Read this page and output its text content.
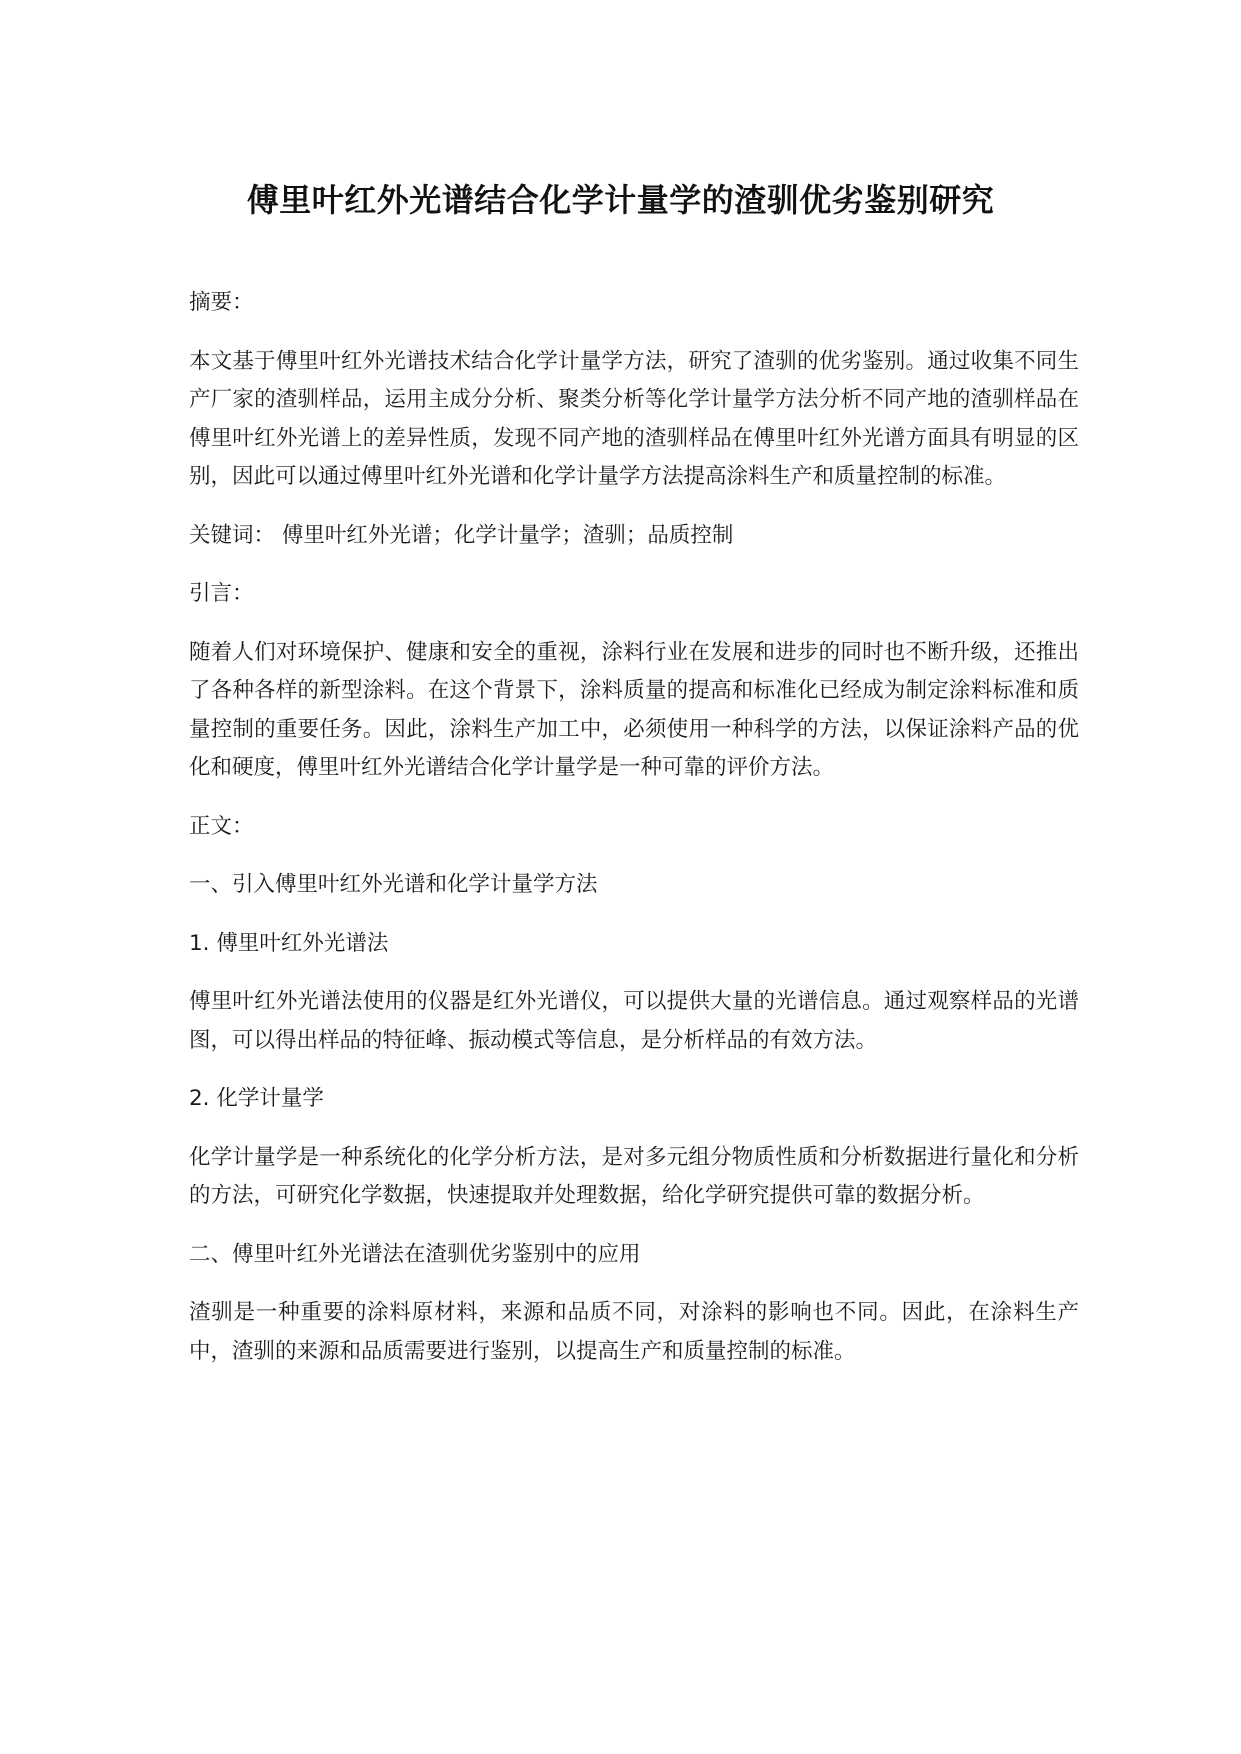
傅里叶红外光谱结合化学计量学的渣驯优劣鉴别研究

摘要：

本文基于傅里叶红外光谱技术结合化学计量学方法，研究了渣驯的优劣鉴别。通过收集不同生产厂家的渣驯样品，运用主成分分析、聚类分析等化学计量学方法分析不同产地的渣驯样品在傅里叶红外光谱上的差异性质，发现不同产地的渣驯样品在傅里叶红外光谱方面具有明显的区别，因此可以通过傅里叶红外光谱和化学计量学方法提高涂料生产和质量控制的标准。

关键词： 傅里叶红外光谱；化学计量学；渣驯；品质控制

引言：

随着人们对环境保护、健康和安全的重视，涂料行业在发展和进步的同时也不断升级，还推出了各种各样的新型涂料。在这个背景下，涂料质量的提高和标准化已经成为制定涂料标准和质量控制的重要任务。因此，涂料生产加工中，必须使用一种科学的方法，以保证涂料产品的优化和硬度，傅里叶红外光谱结合化学计量学是一种可靠的评价方法。

正文：

一、引入傅里叶红外光谱和化学计量学方法

1. 傅里叶红外光谱法

傅里叶红外光谱法使用的仪器是红外光谱仪，可以提供大量的光谱信息。通过观察样品的光谱图，可以得出样品的特征峰、振动模式等信息，是分析样品的有效方法。

2. 化学计量学

化学计量学是一种系统化的化学分析方法，是对多元组分物质性质和分析数据进行量化和分析的方法，可研究化学数据，快速提取并处理数据，给化学研究提供可靠的数据分析。

二、傅里叶红外光谱法在渣驯优劣鉴别中的应用

渣驯是一种重要的涂料原材料，来源和品质不同，对涂料的影响也不同。因此，在涂料生产中，渣驯的来源和品质需要进行鉴别，以提高生产和质量控制的标准。
